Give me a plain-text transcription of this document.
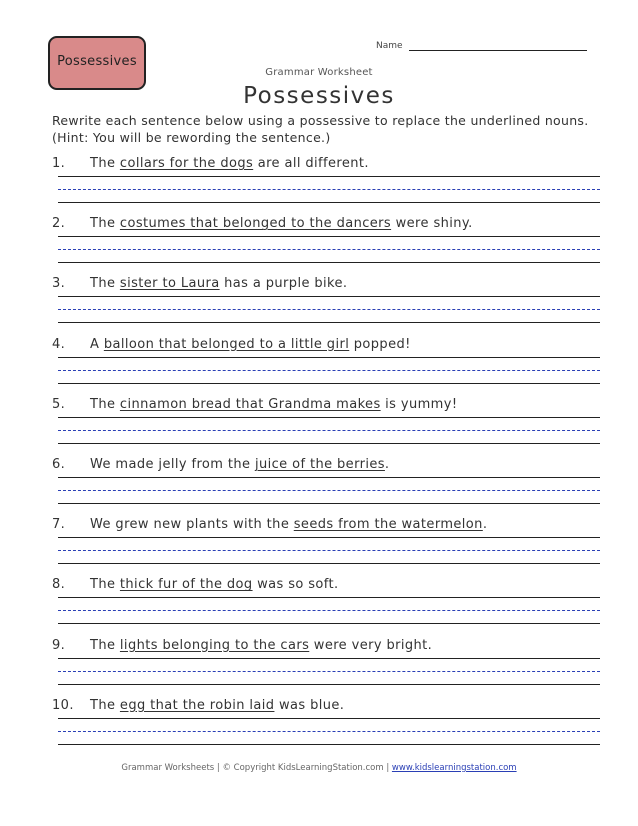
Possessives
Name
Grammar Worksheet
Possessives
Rewrite each sentence below using a possessive to replace the underlined nouns.
(Hint: You will be rewording the sentence.)
1. The collars for the dogs are all different.
2. The costumes that belonged to the dancers were shiny.
3. The sister to Laura has a purple bike.
4. A balloon that belonged to a little girl popped!
5. The cinnamon bread that Grandma makes is yummy!
6. We made jelly from the juice of the berries.
7. We grew new plants with the seeds from the watermelon.
8. The thick fur of the dog was so soft.
9. The lights belonging to the cars were very bright.
10. The egg that the robin laid was blue.
Grammar Worksheets | © Copyright KidsLearningStation.com | www.kidslearningstation.com
